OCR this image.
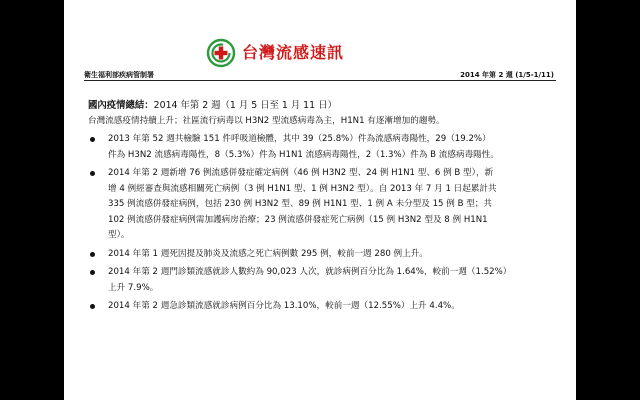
台灣流感速訊
衛生福利部疾病管制署	2014 年第 2 週 (1/5-1/11)
國內疫情總結：2014 年第 2 週（1 月 5 日至 1 月 11 日）
台灣流感疫情持續上升；社區流行病毒以 H3N2 型流感病毒為主，H1N1 有逐漸增加的趨勢。
2013 年第 52 週共檢驗 151 件呼吸道檢體，其中 39（25.8%）件為流感病毒陽性，29（19.2%）
件為 H3N2 流感病毒陽性，8（5.3%）件為 H1N1 流感病毒陽性，2（1.3%）件為 B 流感病毒陽性。
2014 年第 2 週新增 76 例流感併發症確定病例（46 例 H3N2 型、24 例 H1N1 型、6 例 B 型），新
增 4 例經審查與流感相關死亡病例（3 例 H1N1 型、1 例 H3N2 型）。自 2013 年 7 月 1 日起累計共
335 例流感併發症病例，包括 230 例 H3N2 型、89 例 H1N1 型、1 例 A 未分型及 15 例 B 型；共
102 例流感併發症病例需加護病房治療；23 例流感併發症死亡病例（15 例 H3N2 型及 8 例 H1N1
型）。
2014 年第 1 週死因提及肺炎及流感之死亡病例數 295 例，較前一週 280 例上升。
2014 年第 2 週門診類流感就診人數約為 90,023 人次，就診病例百分比為 1.64%，較前一週（1.52%）
上升 7.9%。
2014 年第 2 週急診類流感就診病例百分比為 13.10%，較前一週（12.55%）上升 4.4%。
